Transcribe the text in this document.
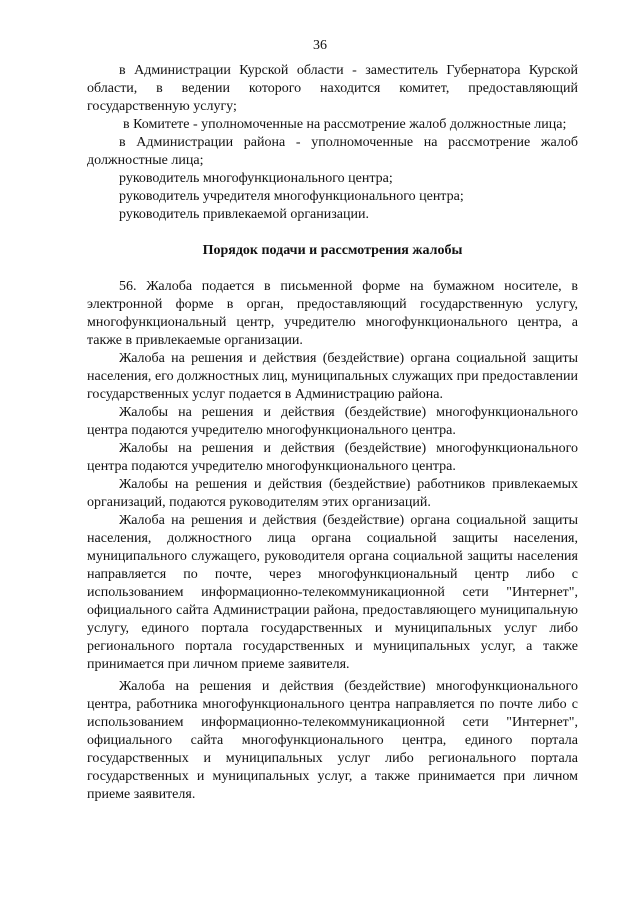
36

в Администрации Курской области - заместитель Губернатора Курской области, в ведении которого находится комитет, предоставляющий государственную услугу;

в Комитете - уполномоченные на рассмотрение жалоб должностные лица;

в Администрации района - уполномоченные на рассмотрение жалоб должностные лица;

руководитель многофункционального центра;

руководитель учредителя многофункционального центра;

руководитель привлекаемой организации.

Порядок подачи и рассмотрения жалобы

56. Жалоба подается в письменной форме на бумажном носителе, в электронной форме в орган, предоставляющий государственную услугу, многофункциональный центр, учредителю многофункционального центра, а также в привлекаемые организации.

Жалоба на решения и действия (бездействие) органа социальной защиты населения, его должностных лиц, муниципальных служащих при предоставлении государственных услуг подается в Администрацию района.

Жалобы на решения и действия (бездействие) многофункционального центра подаются учредителю многофункционального центра.

Жалобы на решения и действия (бездействие) многофункционального центра подаются учредителю многофункционального центра.

Жалобы на решения и действия (бездействие) работников привлекаемых организаций, подаются руководителям этих организаций.

Жалоба на решения и действия (бездействие) органа социальной защиты населения, должностного лица органа социальной защиты населения, муниципального служащего, руководителя органа социальной защиты населения направляется по почте, через многофункциональный центр либо с использованием информационно-телекоммуникационной сети "Интернет", официального сайта Администрации района, предоставляющего муниципальную услугу, единого портала государственных и муниципальных услуг либо регионального портала государственных и муниципальных услуг, а также принимается при личном приеме заявителя.

Жалоба на решения и действия (бездействие) многофункционального центра, работника многофункционального центра направляется по почте либо с использованием информационно-телекоммуникационной сети "Интернет", официального сайта многофункционального центра, единого портала государственных и муниципальных услуг либо регионального портала государственных и муниципальных услуг, а также принимается при личном приеме заявителя.
